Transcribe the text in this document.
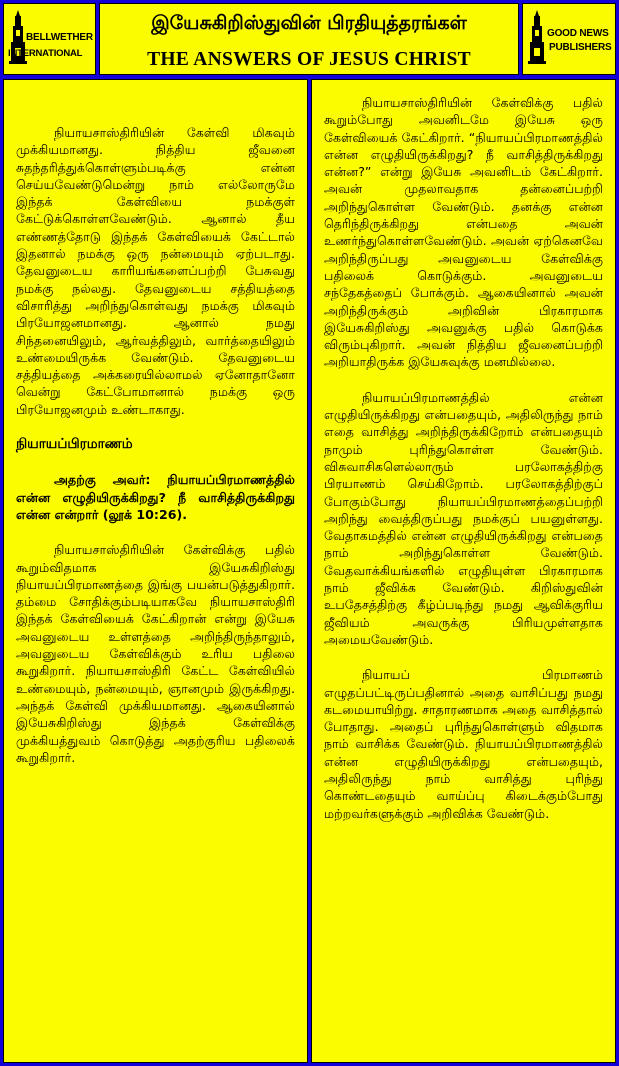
BELLWETHER
INTERNATIONAL
இயேசுகிறிஸ்துவின் பிரதியுத்தரங்கள்
THE ANSWERS OF JESUS CHRIST
GOOD NEWS
PUBLISHERS

நியாயசாஸ்திரியின் கேள்வி மிகவும் முக்கியமானது. நித்திய ஜீவனை சுதந்தரித்துக்கொள்ளும்படிக்கு என்ன செய்யவேண்டுமென்று நாம் எல்லோருமே இந்தக் கேள்வியை நமக்குள் கேட்டுக்கொள்ளவேண்டும். ஆனால் தீய எண்ணத்தோடு இந்தக் கேள்வியைக் கேட்டால் இதனால் நமக்கு ஒரு நன்மையும் ஏற்படாது. தேவனுடைய காரியங்களைப்பற்றி பேசுவது நமக்கு நல்லது. தேவனுடைய சத்தியத்தை விசாரித்து அறிந்துகொள்வது நமக்கு மிகவும் பிரயோஜனமானது. ஆனால் நமது சிந்தனையிலும், ஆர்வத்திலும், வார்த்தையிலும் உண்மையிருக்க வேண்டும். தேவனுடைய சத்தியத்தை அக்கரையில்லாமல் ஏனோதானோ வென்று கேட்போமானால் நமக்கு ஒரு பிரயோஜனமும் உண்டாகாது.

நியாயப்பிரமாணம்

அதற்கு அவர்: நியாயப்பிரமாணத்தில் என்ன எழுதியிருக்கிறது? நீ வாசித்திருக்கிறது என்ன என்றார் (லூக் 10:26).

நியாயசாஸ்திரியின் கேள்விக்கு பதில் கூறும்விதமாக இயேசுகிறிஸ்து நியாயப்பிரமாணத்தை இங்கு பயன்படுத்துகிறார். தம்மை சோதிக்கும்படியாகவே நியாயசாஸ்திரி இந்தக் கேள்வியைக் கேட்கிறான் என்று இயேசு அவனுடைய உள்ளத்தை அறிந்திருந்தாலும், அவனுடைய கேள்விக்கும் உரிய பதிலை கூறுகிறார். நியாயசாஸ்திரி கேட்ட கேள்வியில் உண்மையும், நன்மையும், ஞானமும் இருக்கிறது. அந்தக் கேள்வி முக்கியமானது. ஆகையினால் இயேசுகிறிஸ்து இந்தக் கேள்விக்கு முக்கியத்துவம் கொடுத்து அதற்குரிய பதிலைக் கூறுகிறார்.

நியாயசாஸ்திரியின் கேள்விக்கு பதில் கூறும்போது அவனிடமே இயேசு ஒரு கேள்வியைக் கேட்கிறார். “நியாயப்பிரமாணத்தில் என்ன எழுதியிருக்கிறது? நீ வாசித்திருக்கிறது என்ன?” என்று இயேசு அவனிடம் கேட்கிறார். அவன் முதலாவதாக தன்னைப்பற்றி அறிந்துகொள்ள வேண்டும். தனக்கு என்ன தெரிந்திருக்கிறது என்பதை அவன் உணர்ந்துகொள்ளவேண்டும். அவன் ஏற்கெனவே அறிந்திருப்பது அவனுடைய கேள்விக்கு பதிலைக் கொடுக்கும். அவனுடைய சந்தேகத்தைப் போக்கும். ஆகையினால் அவன் அறிந்திருக்கும் அறிவின் பிரகாரமாக இயேசுகிறிஸ்து அவனுக்கு பதில் கொடுக்க விரும்புகிறார். அவன் நித்திய ஜீவனைப்பற்றி அறியாதிருக்க இயேசுவுக்கு மனமில்லை.

நியாயப்பிரமாணத்தில் என்ன எழுதியிருக்கிறது என்பதையும், அதிலிருந்து நாம் எதை வாசித்து அறிந்திருக்கிறோம் என்பதையும் நாமும் புரிந்துகொள்ள வேண்டும். விசுவாசிகளெல்லாரும் பரலோகத்திற்கு பிரயாணம் செய்கிறோம். பரலோகத்திற்குப் போகும்போது நியாயப்பிரமாணத்தைப்பற்றி அறிந்து வைத்திருப்பது நமக்குப் பயனுள்ளது. வேதாகமத்தில் என்ன எழுதியிருக்கிறது என்பதை நாம் அறிந்துகொள்ள வேண்டும். வேதவாக்கியங்களில் எழுதியுள்ள பிரகாரமாக நாம் ஜீவிக்க வேண்டும். கிறிஸ்துவின் உபதேசத்திற்கு கீழ்ப்படிந்து நமது ஆவிக்குரிய ஜீவியம் அவருக்கு பிரியமுள்ளதாக அமையவேண்டும்.

நியாயப் பிரமாணம் எழுதப்பட்டிருப்பதினால் அதை வாசிப்பது நமது கடமையாயிற்று. சாதாரணமாக அதை வாசித்தால் போதாது. அதைப் புரிந்துகொள்ளும் விதமாக நாம் வாசிக்க வேண்டும். நியாயப்பிரமாணத்தில் என்ன எழுதியிருக்கிறது என்பதையும், அதிலிருந்து நாம் வாசித்து புரிந்து கொண்டதையும் வாய்ப்பு கிடைக்கும்போது மற்றவர்களுக்கும் அறிவிக்க வேண்டும்.
